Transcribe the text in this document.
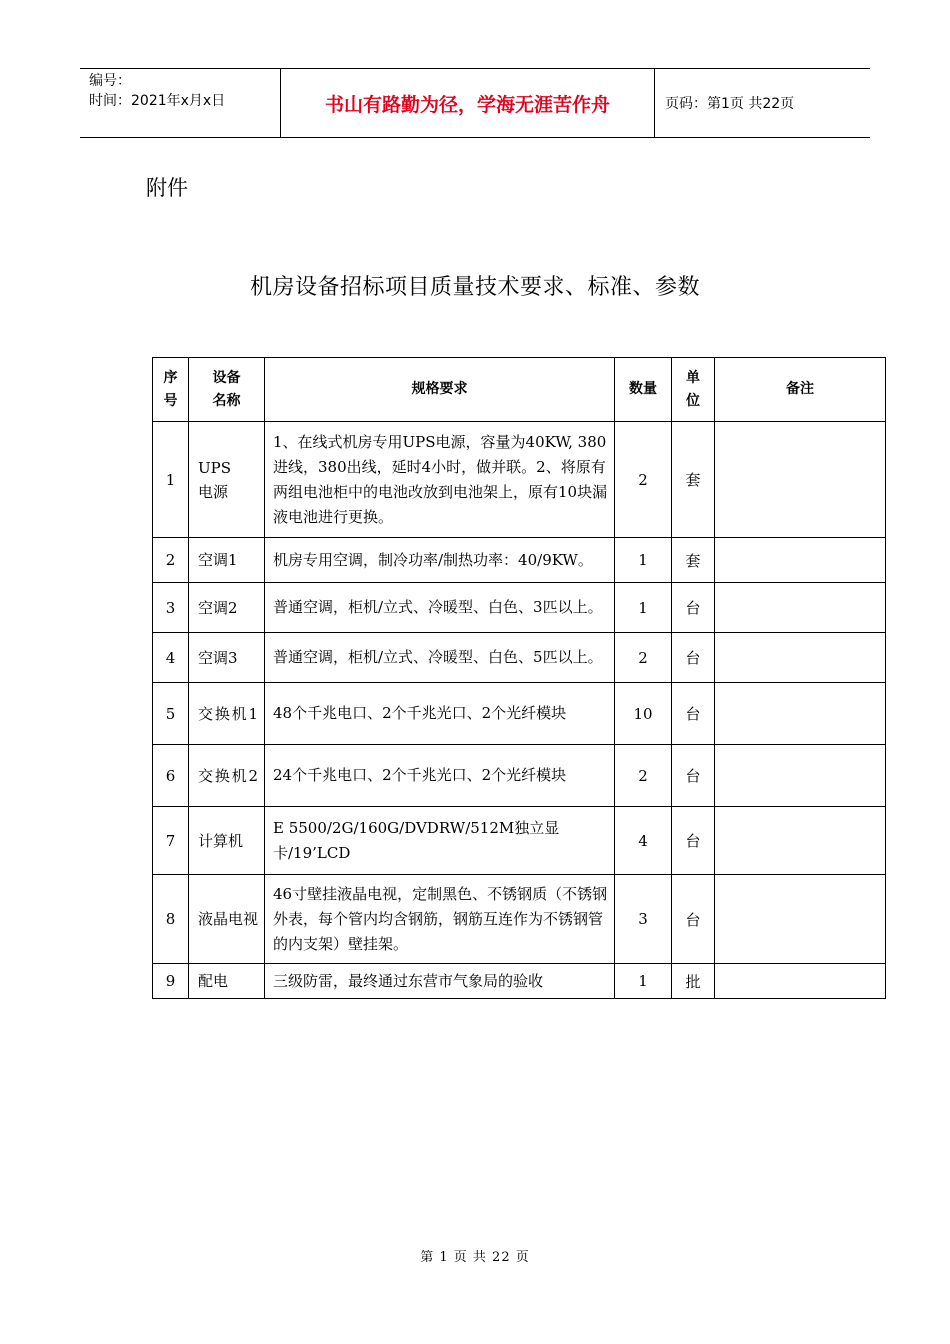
编号：
时间：2021年x月x日	书山有路勤为径，学海无涯苦作舟	页码：第1页 共22页
附件
机房设备招标项目质量技术要求、标准、参数
序号	设备名称	规格要求	数量	单位	备注
1	UPS电源	1、在线式机房专用UPS电源，容量为40KW, 380进线，380出线，延时4小时，做并联。2、将原有两组电池柜中的电池改放到电池架上，原有10块漏液电池进行更换。	2	套	
2	空调1	机房专用空调，制冷功率/制热功率：40/9KW。	1	套	
3	空调2	普通空调，柜机/立式、冷暖型、白色、3匹以上。	1	台	
4	空调3	普通空调，柜机/立式、冷暖型、白色、5匹以上。	2	台	
5	交换机1	48个千兆电口、2个千兆光口、2个光纤模块	10	台	
6	交换机2	24个千兆电口、2个千兆光口、2个光纤模块	2	台	
7	计算机	E 5500/2G/160G/DVDRW/512M独立显卡/19’LCD	4	台	
8	液晶电视	46寸壁挂液晶电视，定制黑色、不锈钢质（不锈钢外表，每个管内均含钢筋，钢筋互连作为不锈钢管的内支架）壁挂架。	3	台	
9	配电	三级防雷，最终通过东营市气象局的验收	1	批	
第 1 页 共 22 页
